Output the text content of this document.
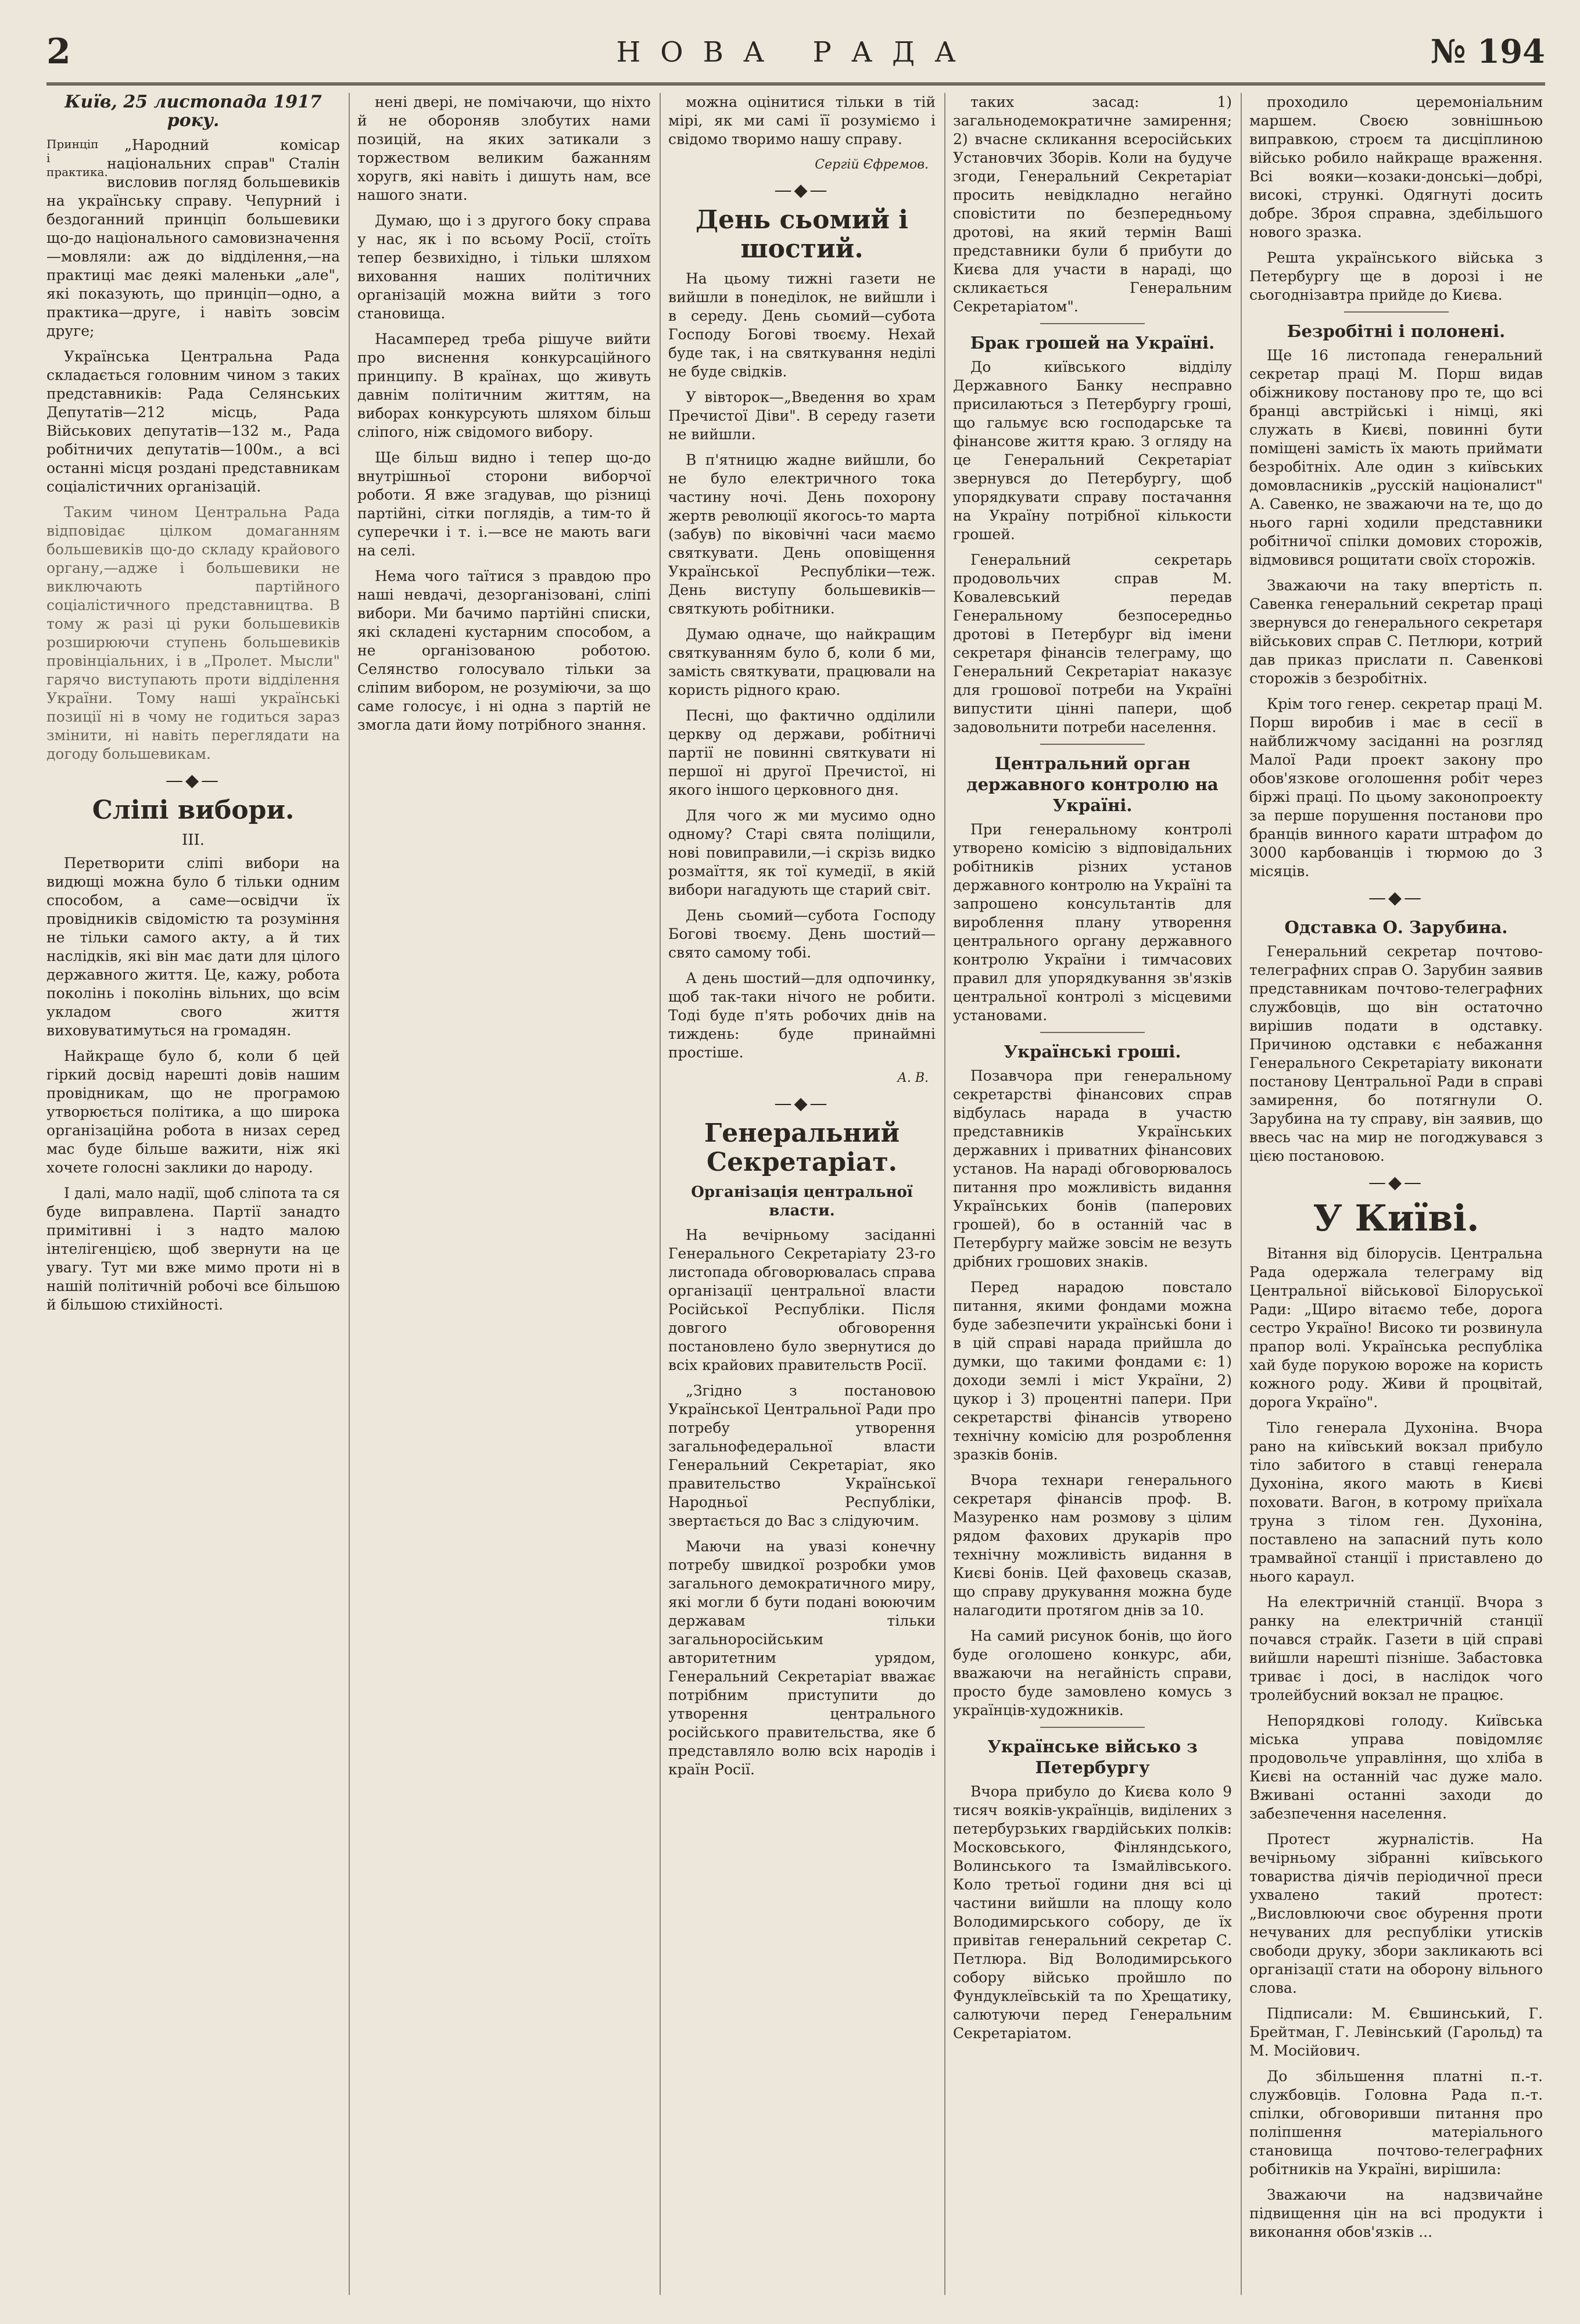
2	НОВА РАДА	№ 194
Київ, 25 листопада 1917 року.
Принціп і практика.

„Народний комісар національних справ" Сталін висловив погляд большевиків на українську справу. Чепурний і бездоганний принціп большевики що-до національного самовизначення—мовляли: аж до відділення,—на практиці має деякі маленьки „але", які показують, що принціп—одно, а практика—друге, і навіть зовсім друге;

Українська Центральна Рада складається головним чином з таких представників: Рада Селянських Депутатів—212 місць, Рада Військових депутатів—132 м., Рада робітничих депутатів—100м., а всі останні місця роздані представникам соціалістичних організацій.

Таким чином Центральна Рада відповідає цілком домаганням большевиків що-до складу крайового органу,—адже і большевики не виключають партійного соціалістичного представництва. В тому ж разі ці руки большевиків розширюючи ступень большевиків провінціальних, і в „Пролет. Мысли" гарячо виступають проти відділення України. Тому наші українські позиції ні в чому не годиться зараз змінити, ні навіть переглядати на догоду большевикам.

—◆—
Сліпі вибори.
III.

Перетворити сліпі вибори на видющі можна було б тільки одним способом, а саме—освідчи їх провідників свідомістю та розуміння не тільки самого акту, а й тих наслідків, які він має дати для цілого державного життя. Це, кажу, робота поколінь і поколінь вільних, що всім укладом свого життя виховуватимуться на громадян.

Найкраще було б, коли б цей гіркий досвід нарешті довів нашим провідникам, що не програмою утворюється політика, а що широка організаційна робота в низах серед мас буде більше важити, ніж які хочете голосні заклики до народу.

І далі, мало надії, щоб сліпота та ся буде виправлена. Партії занадто примітивні і з надто малою інтелігенцією, щоб звернути на це увагу. Тут ми вже мимо проти ні в нашій політичній робочі все більшою й більшою стихійності.

нені двері, не помічаючи, що ніхто й не обороняв злобутих нами позицій, на яких затикали з торжеством великим бажанням хоругв, які навіть і дишуть нам, все нашого знати.

Думаю, що і з другого боку справа у нас, як і по всьому Росії, стоїть тепер безвихідно, і тільки шляхом виховання наших політичних організацій можна вийти з того становища.

Насамперед треба рішуче вийти про виснення конкурсаційного принципу. В країнах, що живуть давнім політичним життям, на виборах конкурсують шляхом більш сліпого, ніж свідомого вибору.

Ще більш видно і тепер що-до внутрішньої сторони виборчої роботи. Я вже згадував, що різниці партійні, сітки поглядів, а тим-то й суперечки і т. і.—все не мають ваги на селі.

Нема чого таїтися з правдою про наші невдачі, дезорганізовані, сліпі вибори. Ми бачимо партійні списки, які складені кустарним способом, а не організованою роботою. Селянство голосувало тільки за сліпим вибором, не розуміючи, за що саме голосує, і ні одна з партій не змогла дати йому потрібного знання.

можна оцінитися тільки в тій мірі, як ми самі її розуміємо і свідомо творимо нашу справу.

Сергій Єфремов.
—◆—
День сьомий і шостий.

На цьому тижні газети не вийшли в понеділок, не вийшли і в середу. День сьомий—субота Господу Богові твоєму. Нехай буде так, і на святкування неділі не буде свідків.

У вівторок—„Введення во храм Пречистої Діви". В середу газети не вийшли.

В п'ятницю жадне вийшли, бо не було електричного тока частину ночі. День похорону жертв революції якогось-то марта (забув) по віковічні часи маємо святкувати. День оповіщення Української Республіки—теж. День виступу большевиків—святкують робітники.

Думаю одначе, що найкращим святкуванням було б, коли б ми, замість святкувати, працювали на користь рідного краю.

Песні, що фактично одділили церкву од держави, робітничі партії не повинні святкувати ні першої ні другої Пречистої, ні якого іншого церковного дня.

Для чого ж ми мусимо одно одному? Старі свята поліщили, нові повиправили,—і скрізь видко розмаїття, як тої кумедії, в якій вибори нагадують ще старий світ.

День сьомий—субота Господу Богові твоєму. День шостий—свято самому тобі.

А день шостий—для одпочинку, щоб так-таки нічого не робити. Тоді буде п'ять робочих днів на тиждень: буде принаймні простіше.

А. В.
—◆—
Генеральний Секретаріат.
Організація центральної власти.

На вечірньому засіданні Генерального Секретаріату 23-го листопада обговорювалась справа організації центральної власти Російської Республіки. Після довгого обговорення постановлено було звернутися до всіх крайових правительств Росії.

„Згідно з постановою Української Центральної Ради про потребу утворення загальнофедеральної власти Генеральний Секретаріат, яко правительство Української Народньої Республіки, звертається до Вас з слідуючим.

Маючи на увазі конечну потребу швидкої розробки умов загального демократичного миру, які могли б бути подані воюючим державам тільки загальноросійським авторитетним урядом, Генеральний Секретаріат вважає потрібним приступити до утворення центрального російського правительства, яке б представляло волю всіх народів і країн Росії.

таких засад: 1) загальнодемократичне замирення; 2) вчасне скликання всеросійських Установчих Зборів. Коли на будуче згоди, Генеральний Секретаріат просить невідкладно негайно сповістити по безпередньому дротові, на який термін Ваші представники були б прибути до Києва для участи в нараді, що скликається Генеральним Секретаріатом".

Брак грошей на Україні.

До київського відділу Державного Банку несправно присилаються з Петербургу гроші, що гальмує всю господарське та фінансове життя краю. З огляду на це Генеральний Секретаріат звернувся до Петербургу, щоб упорядкувати справу постачання на Україну потрібної кількости грошей.

Генеральний секретарь продовольчих справ М. Ковалевський передав Генеральному безпосередньо дротові в Петербург від імени секретаря фінансів телеграму, що Генеральний Секретаріат наказує для грошової потреби на Україні випустити цінні папери, щоб задовольнити потреби населення.

Центральний орган державного контролю на Україні.

При генеральному контролі утворено комісію з відповідальних робітників різних установ державного контролю на Україні та запрошено консультантів для вироблення плану утворення центрального органу державного контролю України і тимчасових правил для упорядкування зв'язків центральної контролі з місцевими установами.

Українські гроші.

Позавчора при генеральному секретарстві фінансових справ відбулась нарада в участю представників Українських державних і приватних фінансових установ. На нараді обговорювалось питання про можливість видання Українських бонів (паперових грошей), бо в останній час в Петербургу майже зовсім не везуть дрібних грошових знаків.

Перед нарадою повстало питання, якими фондами можна буде забезпечити українські бони і в цій справі нарада прийшла до думки, що такими фондами є: 1) доходи землі і міст України, 2) цукор і 3) процентні папери. При секретарстві фінансів утворено технічну комісію для розроблення зразків бонів.

Вчора технари генерального секретаря фінансів проф. В. Мазуренко нам розмову з цілим рядом фахових друкарів про технічну можливість видання в Києві бонів. Цей фаховець сказав, що справу друкування можна буде налагодити протягом днів за 10.

На самий рисунок бонів, що його буде оголошено конкурс, аби, вважаючи на негайність справи, просто буде замовлено комусь з українців-художників.

Українське військо з Петербургу

Вчора прибуло до Києва коло 9 тисяч вояків-українців, виділених з петербурзьких гвардійських полків: Московського, Фінляндського, Волинського та Ізмайлівського. Коло третьої години дня всі ці частини вийшли на площу коло Володимирського собору, де їх привітав генеральний секретар С. Петлюра. Від Володимирського собору військо пройшло по Фундуклеївській та по Хрещатику, салютуючи перед Генеральним Секретаріатом.

проходило церемоніальним маршем. Своєю зовнішньою виправкою, строєм та дисціплиною військо робило найкраще враження. Всі вояки—козаки-донські—добрі, високі, стрункі. Одягнуті досить добре. Зброя справна, здебільшого нового зразка.

Решта українського війська з Петербургу ще в дорозі і не сьогоднізавтра прийде до Києва.

Безробітні і полонені.

Ще 16 листопада генеральний секретар праці М. Порш видав обіжникову постанову про те, що всі бранці австрійські і німці, які служать в Києві, повинні бути поміщені замість їх мають приймати безробітніх. Але один з київських домовласників „русскій націоналист" А. Савенко, не зважаючи на те, що до нього гарні ходили представники робітничої спілки домових сторожів, відмовився рощитати своїх сторожів.

Зважаючи на таку впертість п. Савенка генеральний секретар праці звернувся до генерального секретаря військових справ С. Петлюри, котрий дав приказ прислати п. Савенкові сторожів з безробітніх.

Крім того генер. секретар праці М. Порш виробив і має в сесії в найближчому засіданні на розгляд Малої Ради проект закону про обов'язкове оголошення робіт через біржі праці. По цьому законопроекту за перше порушення постанови про бранців винного карати штрафом до 3000 карбованців і тюрмою до 3 місяців.

—◆—
Одставка О. Зарубина.

Генеральний секретар почтово-телеграфних справ О. Зарубин заявив представникам почтово-телеграфних службовців, що він остаточно вирішив подати в одставку. Причиною одставки є небажання Генерального Секретаріату виконати постанову Центральної Ради в справі замирення, бо потягнули О. Зарубина на ту справу, він заявив, що ввесь час на мир не погоджувався з цією постановою.

—◆—
У Київі.

Вітання від білорусів. Центральна Рада одержала телеграму від Центральної військової Білоруської Ради: „Щиро вітаємо тебе, дорога сестро Україно! Високо ти розвинула прапор волі. Українська республіка хай буде порукою вороже на користь кожного роду. Живи й процвітай, дорога Україно".

Тіло генерала Духоніна. Вчора рано на київський вокзал прибуло тіло забитого в ставці генерала Духоніна, якого мають в Києві поховати. Вагон, в котрому приїхала труна з тілом ген. Духоніна, поставлено на запасний путь коло трамвайної станції і приставлено до нього караул.

На електричній станції. Вчора з ранку на електричній станції почався страйк. Газети в цій справі вийшли нарешті пізніше. Забастовка триває і досі, в наслідок чого тролейбусний вокзал не працює.

Непорядкові голоду. Київська міська управа повідомляє продовольче управління, що хліба в Києві на останній час дуже мало. Вживані останні заходи до забезпечення населення.

Протест журналістів. На вечірньому зібранні київського товариства діячів періодичної преси ухвалено такий протест: „Висловлюючи своє обурення проти нечуваних для республіки утисків свободи друку, збори закликають всі організації стати на оборону вільного слова.

Підписали: М. Євшинський, Г. Брейтман, Г. Левінський (Гарольд) та М. Мосійович.

До збільшення платні п.-т. службовців. Головна Рада п.-т. спілки, обговоривши питання про поліпшення матеріального становища почтово-телеграфних робітників на Україні, вирішила:

Зважаючи на надзвичайне підвищення цін на всі продукти і виконання обов'язків ...
